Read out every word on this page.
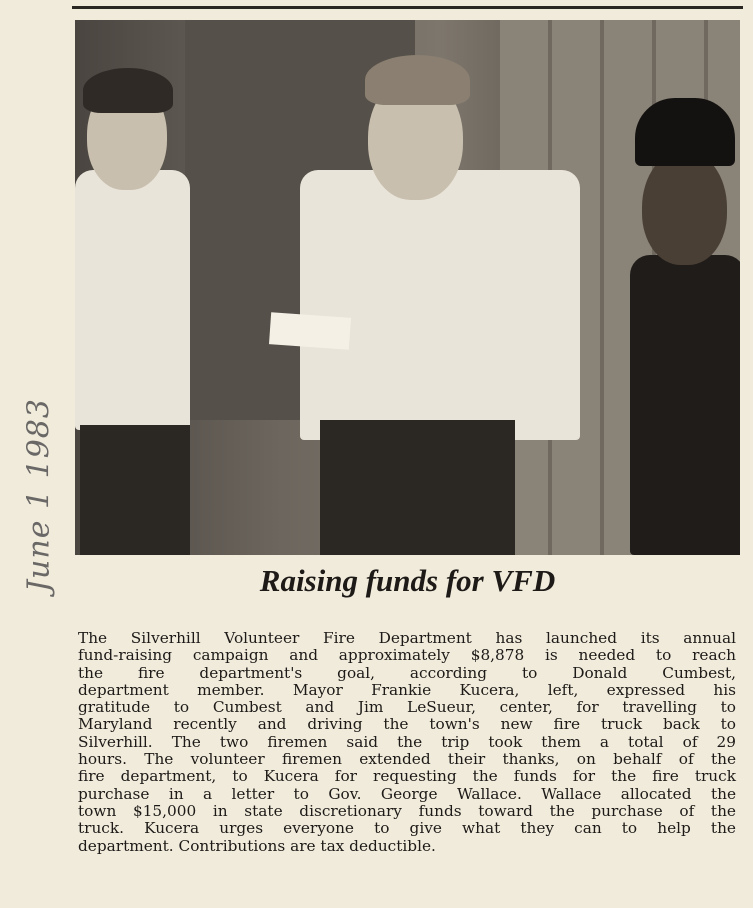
June 1 1983	Raising funds for VFD

The Silverhill Volunteer Fire Department has launched its annual
fund-raising campaign and approximately $8,878 is needed to reach
the fire department's goal, according to Donald Cumbest,
department member. Mayor Frankie Kucera, left, expressed his
gratitude to Cumbest and Jim LeSueur, center, for travelling to
Maryland recently and driving the town's new fire truck back to
Silverhill. The two firemen said the trip took them a total of 29
hours. The volunteer firemen extended their thanks, on behalf of the
fire department, to Kucera for requesting the funds for the fire truck
purchase in a letter to Gov. George Wallace. Wallace allocated the
town $15,000 in state discretionary funds toward the purchase of the
truck. Kucera urges everyone to give what they can to help the
department. Contributions are tax deductible.
